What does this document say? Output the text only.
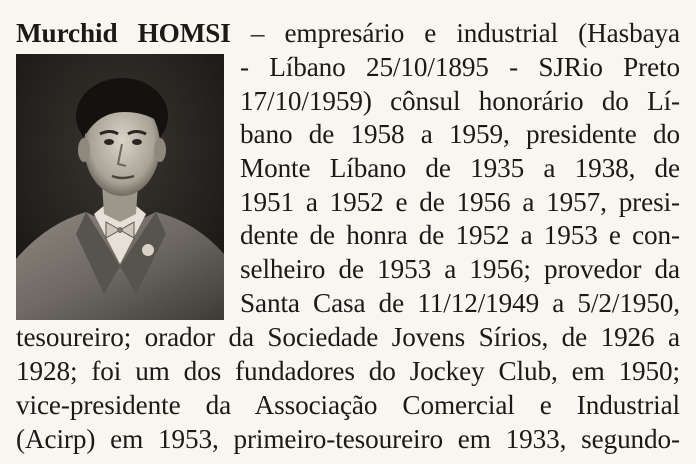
Murchid HOMSI – empresário e industrial (Hasbaya
- Líbano 25/10/1895 - SJRio Preto
17/10/1959) cônsul honorário do Lí-
bano de 1958 a 1959, presidente do
Monte Líbano de 1935 a 1938, de
1951 a 1952 e de 1956 a 1957, presi-
dente de honra de 1952 a 1953 e con-
selheiro de 1953 a 1956; provedor da
Santa Casa de 11/12/1949 a 5/2/1950,
tesoureiro; orador da Sociedade Jovens Sírios, de 1926 a
1928; foi um dos fundadores do Jockey Club, em 1950;
vice-presidente da Associação Comercial e Industrial
(Acirp) em 1953, primeiro-tesoureiro em 1933, segundo-
